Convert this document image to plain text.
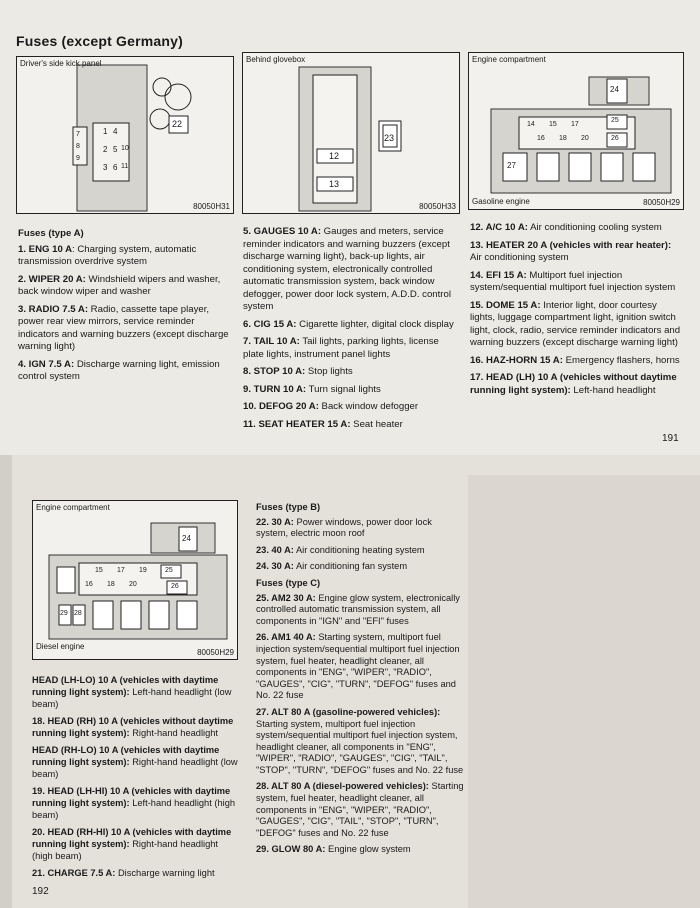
Fuses (except Germany)
Driver's side kick panel
1 4
2 5
3 6
7
8
9
10
11
22
80050H31
Behind glovebox
12
13
23
80050H33
Engine compartment
24
14 15 17
25
16 18 20	26
27
Gasoline engine	80050H29

Fuses (type A)

1. ENG 10 A: Charging system, automatic transmission overdrive system

2. WIPER 20 A: Windshield wipers and washer, back window wiper and washer

3. RADIO 7.5 A: Radio, cassette tape player, power rear view mirrors, service reminder indicators and warning buzzers (except discharge warning light)

4. IGN 7.5 A: Discharge warning light, emission control system

5. GAUGES 10 A: Gauges and meters, service reminder indicators and warning buzzers (except discharge warning light), back-up lights, air conditioning system, electronically controlled automatic transmission system, back window defogger, power door lock system, A.D.D. control system

6. CIG 15 A: Cigarette lighter, digital clock display

7. TAIL 10 A: Tail lights, parking lights, license plate lights, instrument panel lights

8. STOP 10 A: Stop lights

9. TURN 10 A: Turn signal lights

10. DEFOG 20 A: Back window defogger

11. SEAT HEATER 15 A: Seat heater

12. A/C 10 A: Air conditioning cooling system

13. HEATER 20 A (vehicles with rear heater): Air conditioning system

14. EFI 15 A: Multiport fuel injection system/sequential multiport fuel injection system

15. DOME 15 A: Interior light, door courtesy lights, luggage compartment light, ignition switch light, clock, radio, service reminder indicators and warning buzzers (except discharge warning light)

16. HAZ-HORN 15 A: Emergency flashers, horns

17. HEAD (LH) 10 A (vehicles without daytime running light system): Left-hand headlight

191
Engine compartment
24
15 17 19	25
16 18 20	26
29 28
Diesel engine
80050H29

HEAD (LH-LO) 10 A (vehicles with daytime running light system): Left-hand headlight (low beam)

18. HEAD (RH) 10 A (vehicles without daytime running light system): Right-hand headlight

HEAD (RH-LO) 10 A (vehicles with daytime running light system): Right-hand headlight (low beam)

19. HEAD (LH-HI) 10 A (vehicles with daytime running light system): Left-hand headlight (high beam)

20. HEAD (RH-HI) 10 A (vehicles with daytime running light system): Right-hand headlight (high beam)

21. CHARGE 7.5 A: Discharge warning light

192

Fuses (type B)

22. 30 A: Power windows, power door lock system, electric moon roof

23. 40 A: Air conditioning heating system

24. 30 A: Air conditioning fan system

Fuses (type C)

25. AM2 30 A: Engine glow system, electronically controlled automatic transmission system, all components in "IGN" and "EFI" fuses

26. AM1 40 A: Starting system, multiport fuel injection system/sequential multiport fuel injection system, fuel heater, headlight cleaner, all components in "ENG", "WIPER", "RADIO", "GAUGES", "CIG", "TURN", "DEFOG" fuses and No. 22 fuse

27. ALT 80 A (gasoline-powered vehicles): Starting system, multiport fuel injection system/sequential multiport fuel injection system, headlight cleaner, all components in "ENG", "WIPER", "RADIO", "GAUGES", "CIG", "TAIL", "STOP", "TURN", "DEFOG" fuses and No. 22 fuse

28. ALT 80 A (diesel-powered vehicles): Starting system, fuel heater, headlight cleaner, all components in "ENG", "WIPER", "RADIO", "GAUGES", "CIG", "TAIL", "STOP", "TURN", "DEFOG" fuses and No. 22 fuse

29. GLOW 80 A: Engine glow system
